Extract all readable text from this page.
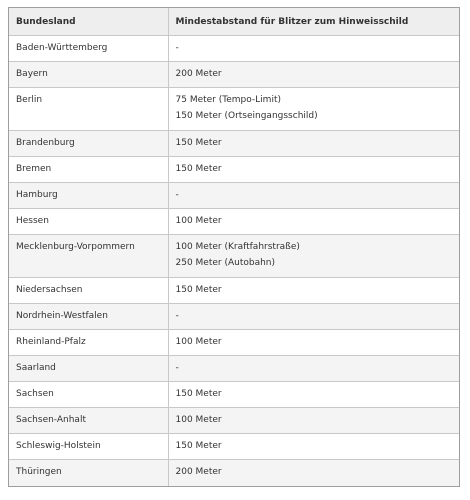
Bundesland	Mindestabstand für Blitzer zum Hinweisschild
Baden-Württemberg	-

Bayern	200 Meter

Berlin	75 Meter (Tempo-Limit)
150 Meter (Ortseingangsschild)

Brandenburg	150 Meter

Bremen	150 Meter

Hamburg	-

Hessen	100 Meter

Mecklenburg-Vorpommern	100 Meter (Kraftfahrstraße)
250 Meter (Autobahn)

Niedersachsen	150 Meter

Nordrhein-Westfalen	-

Rheinland-Pfalz	100 Meter

Saarland	-

Sachsen	150 Meter

Sachsen-Anhalt	100 Meter

Schleswig-Holstein	150 Meter

Thüringen	200 Meter
